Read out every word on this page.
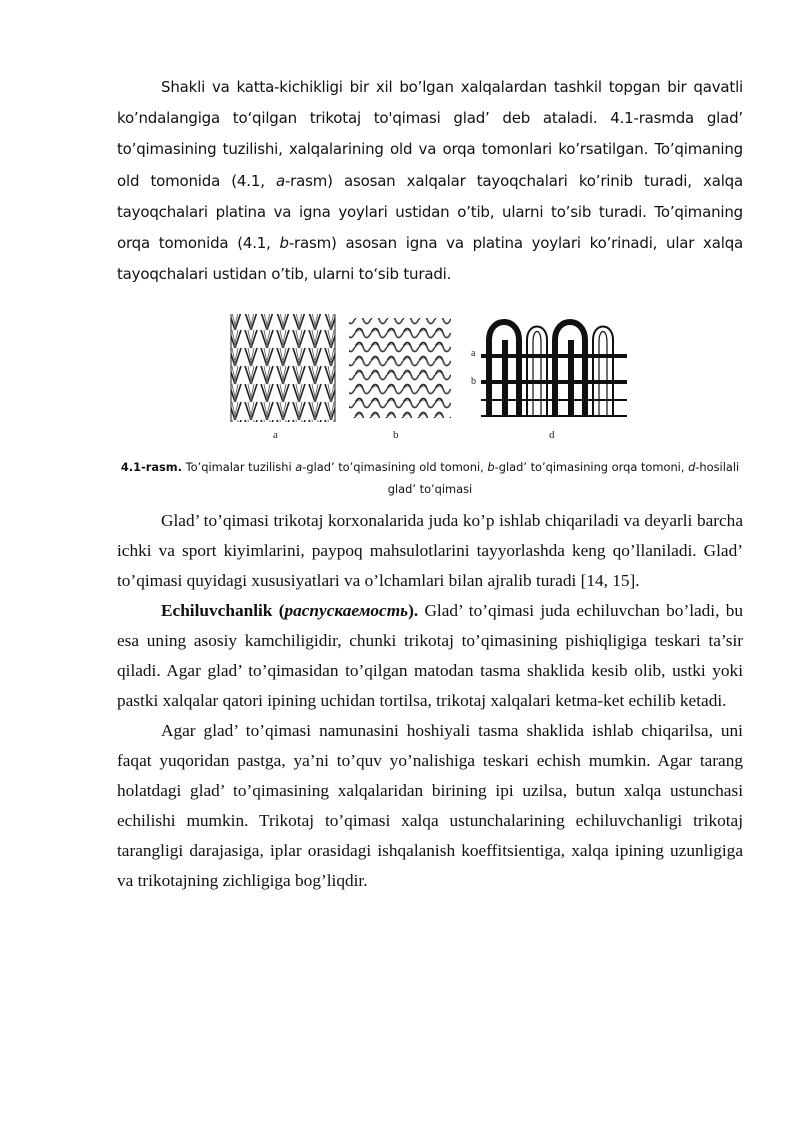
Shakli va katta-kichikligi bir xil bo’lgan xalqalardan tashkil topgan bir qavatli ko’ndalangiga to‘qilgan trikotaj to'qimasi glad’ deb ataladi. 4.1-rasmda glad’ to’qimasining tuzilishi, xalqalarining old va orqa tomonlari ko’rsatilgan. To’qimaning old tomonida (4.1, a-rasm) asosan xalqalar tayoqchalari ko’rinib turadi, xalqa tayoqchalari platina va igna yoylari ustidan o’tib, ularni to’sib turadi. To’qimaning orqa tomonida (4.1, b-rasm) asosan igna va platina yoylari ko’rinadi, ular xalqa tayoqchalari ustidan o’tib, ularni to‘sib turadi.

a	b
a
b
d

4.1-rasm. To’qimalar tuzilishi a-glad’ to’qimasining old tomoni, b-glad’ to’qimasining orqa tomoni, d-hosilali glad’ to’qimasi

Glad’ to’qimasi trikotaj korxonalarida juda ko’p ishlab chiqariladi va deyarli barcha ichki va sport kiyimlarini, paypoq mahsulotlarini tayyorlashda keng qo’llaniladi. Glad’ to’qimasi quyidagi xususiyatlari va o’lchamlari bilan ajralib turadi [14, 15].

Echiluvchanlik (распускаемость). Glad’ to’qimasi juda echiluvchan bo’ladi, bu esa uning asosiy kamchiligidir, chunki trikotaj to’qimasining pishiqligiga teskari ta’sir qiladi. Agar glad’ to’qimasidan to’qilgan matodan tasma shaklida kesib olib, ustki yoki pastki xalqalar qatori ipining uchidan tortilsa, trikotaj xalqalari ketma-ket echilib ketadi.

Agar glad’ to’qimasi namunasini hoshiyali tasma shaklida ishlab chiqarilsa, uni faqat yuqoridan pastga, ya’ni to’quv yo’nalishiga teskari echish mumkin. Agar tarang holatdagi glad’ to’qimasining xalqalaridan birining ipi uzilsa, butun xalqa ustunchasi echilishi mumkin. Trikotaj to’qimasi xalqa ustunchalarining echiluvchanligi trikotaj tarangligi darajasiga, iplar orasidagi ishqalanish koeffitsientiga, xalqa ipining uzunligiga va trikotajning zichligiga bog’liqdir.
